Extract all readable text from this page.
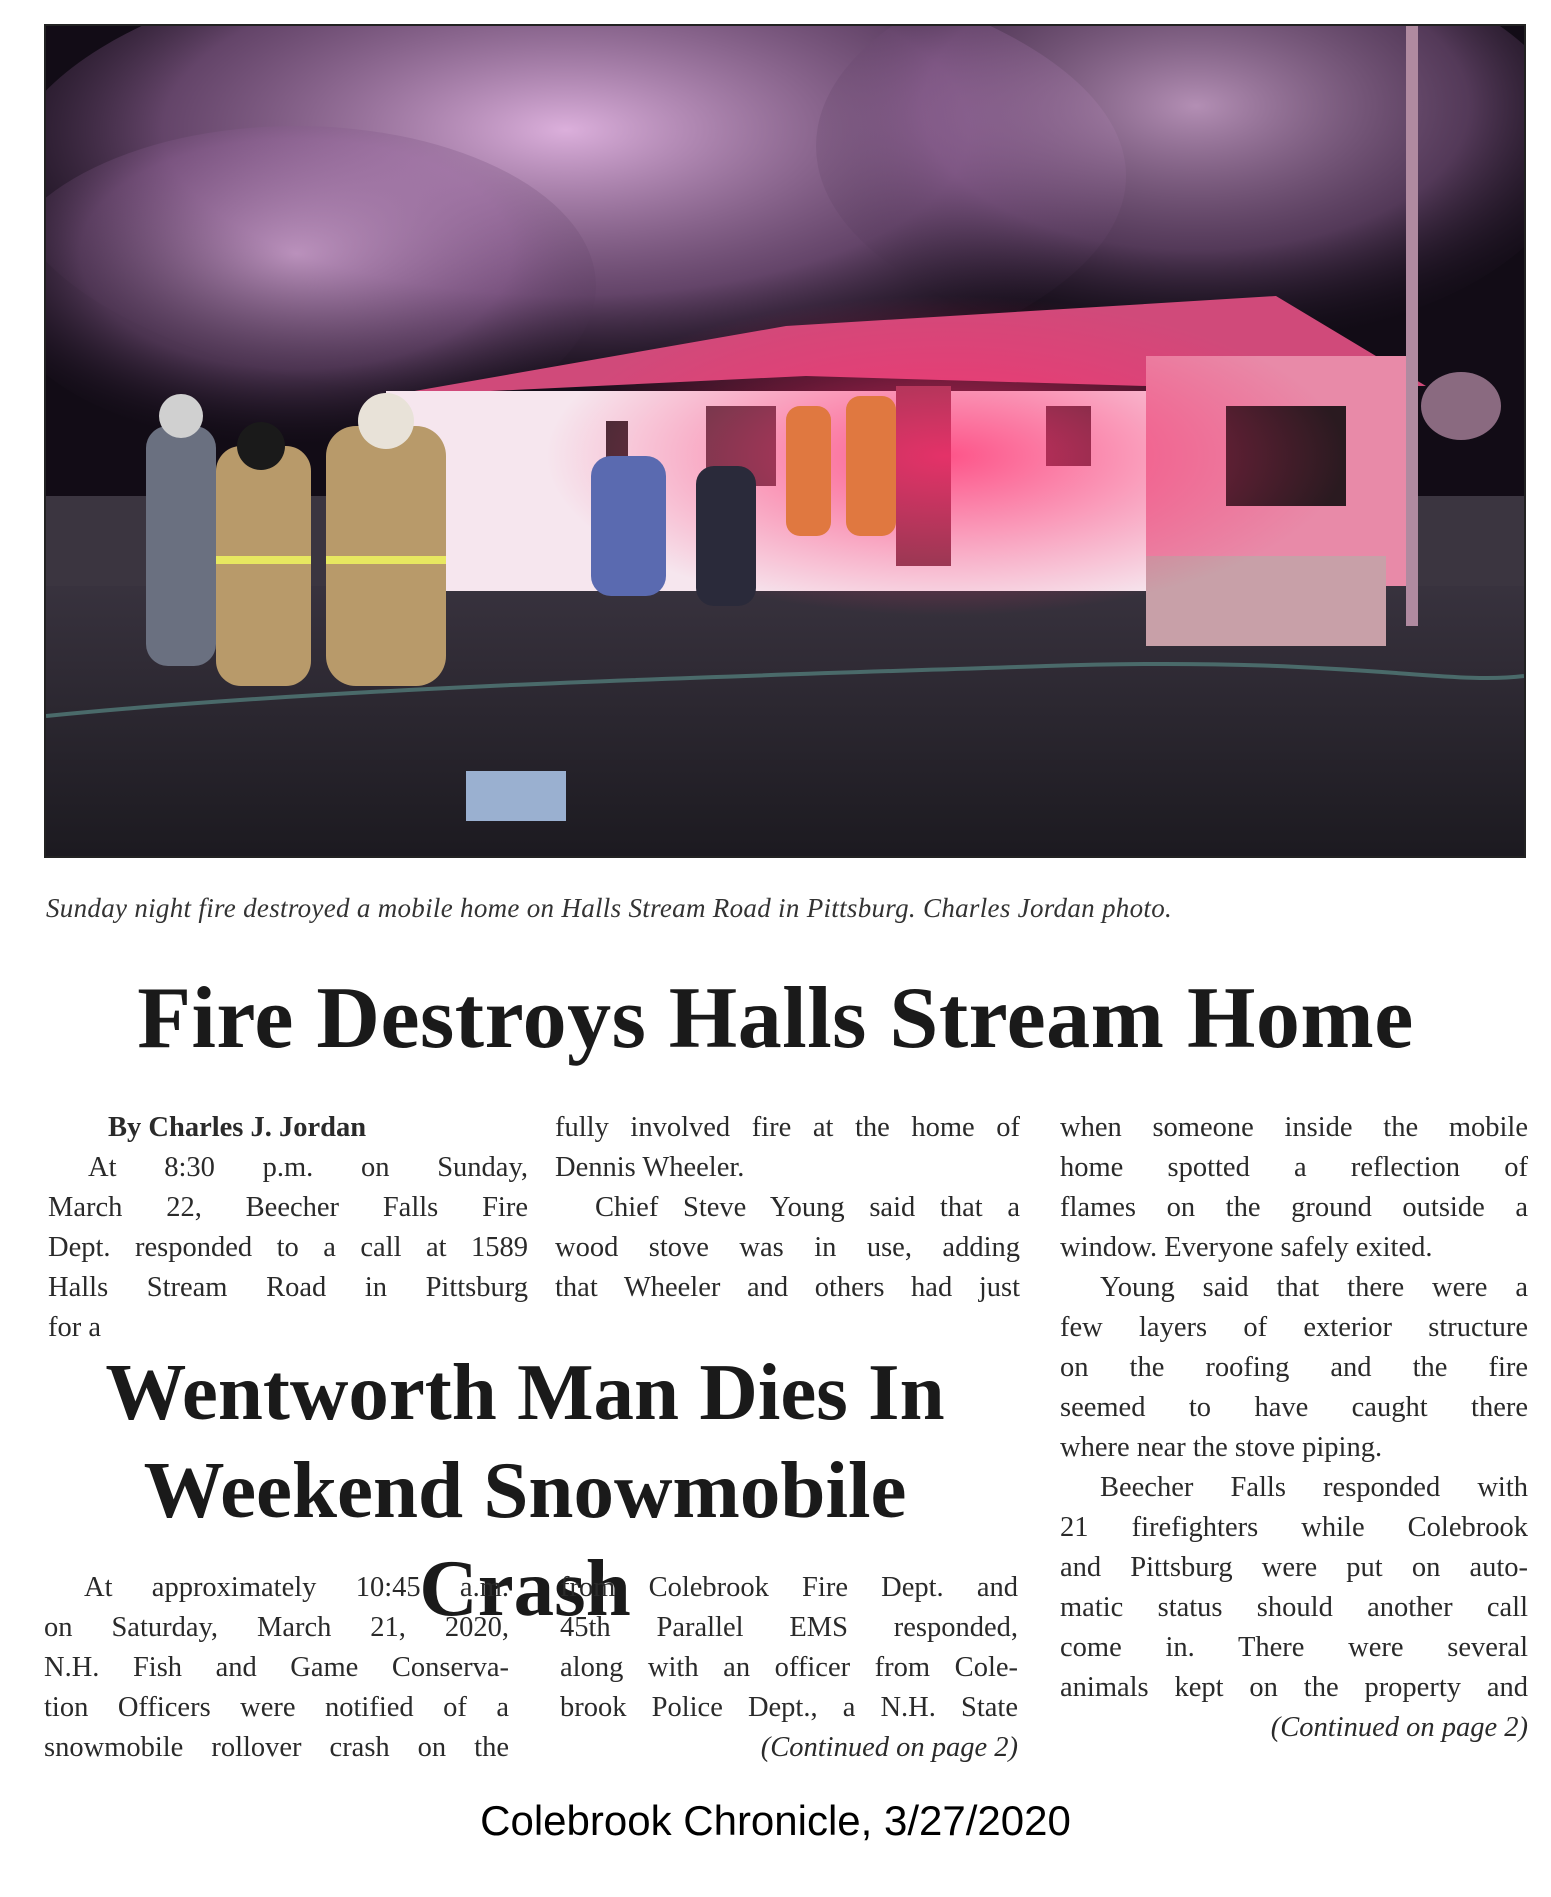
Sunday night fire destroyed a mobile home on Halls Stream Road in Pittsburg. Charles Jordan photo.
Fire Destroys Halls Stream Home
By Charles J. Jordan
At 8:30 p.m. on Sunday,
March 22, Beecher Falls Fire
Dept. responded to a call at 1589
Halls Stream Road in Pittsburg
for a
fully involved fire at the home of
Dennis Wheeler.
Chief Steve Young said that a
wood stove was in use, adding
that Wheeler and others had just
when someone inside the mobile
home spotted a reflection of
flames on the ground outside a
window. Everyone safely exited.
Young said that there were a
few layers of exterior structure
on the roofing and the fire
seemed to have caught there
where near the stove piping.
Beecher Falls responded with
21 firefighters while Colebrook
and Pittsburg were put on auto-
matic status should another call
come in. There were several
animals kept on the property and
(Continued on page 2)
Wentworth Man Dies In
Weekend Snowmobile Crash
At approximately 10:45 a.m.
on Saturday, March 21, 2020,
N.H. Fish and Game Conserva-
tion Officers were notified of a
snowmobile rollover crash on the
from Colebrook Fire Dept. and
45th Parallel EMS responded,
along with an officer from Cole-
brook Police Dept., a N.H. State
(Continued on page 2)
Colebrook Chronicle, 3/27/2020
